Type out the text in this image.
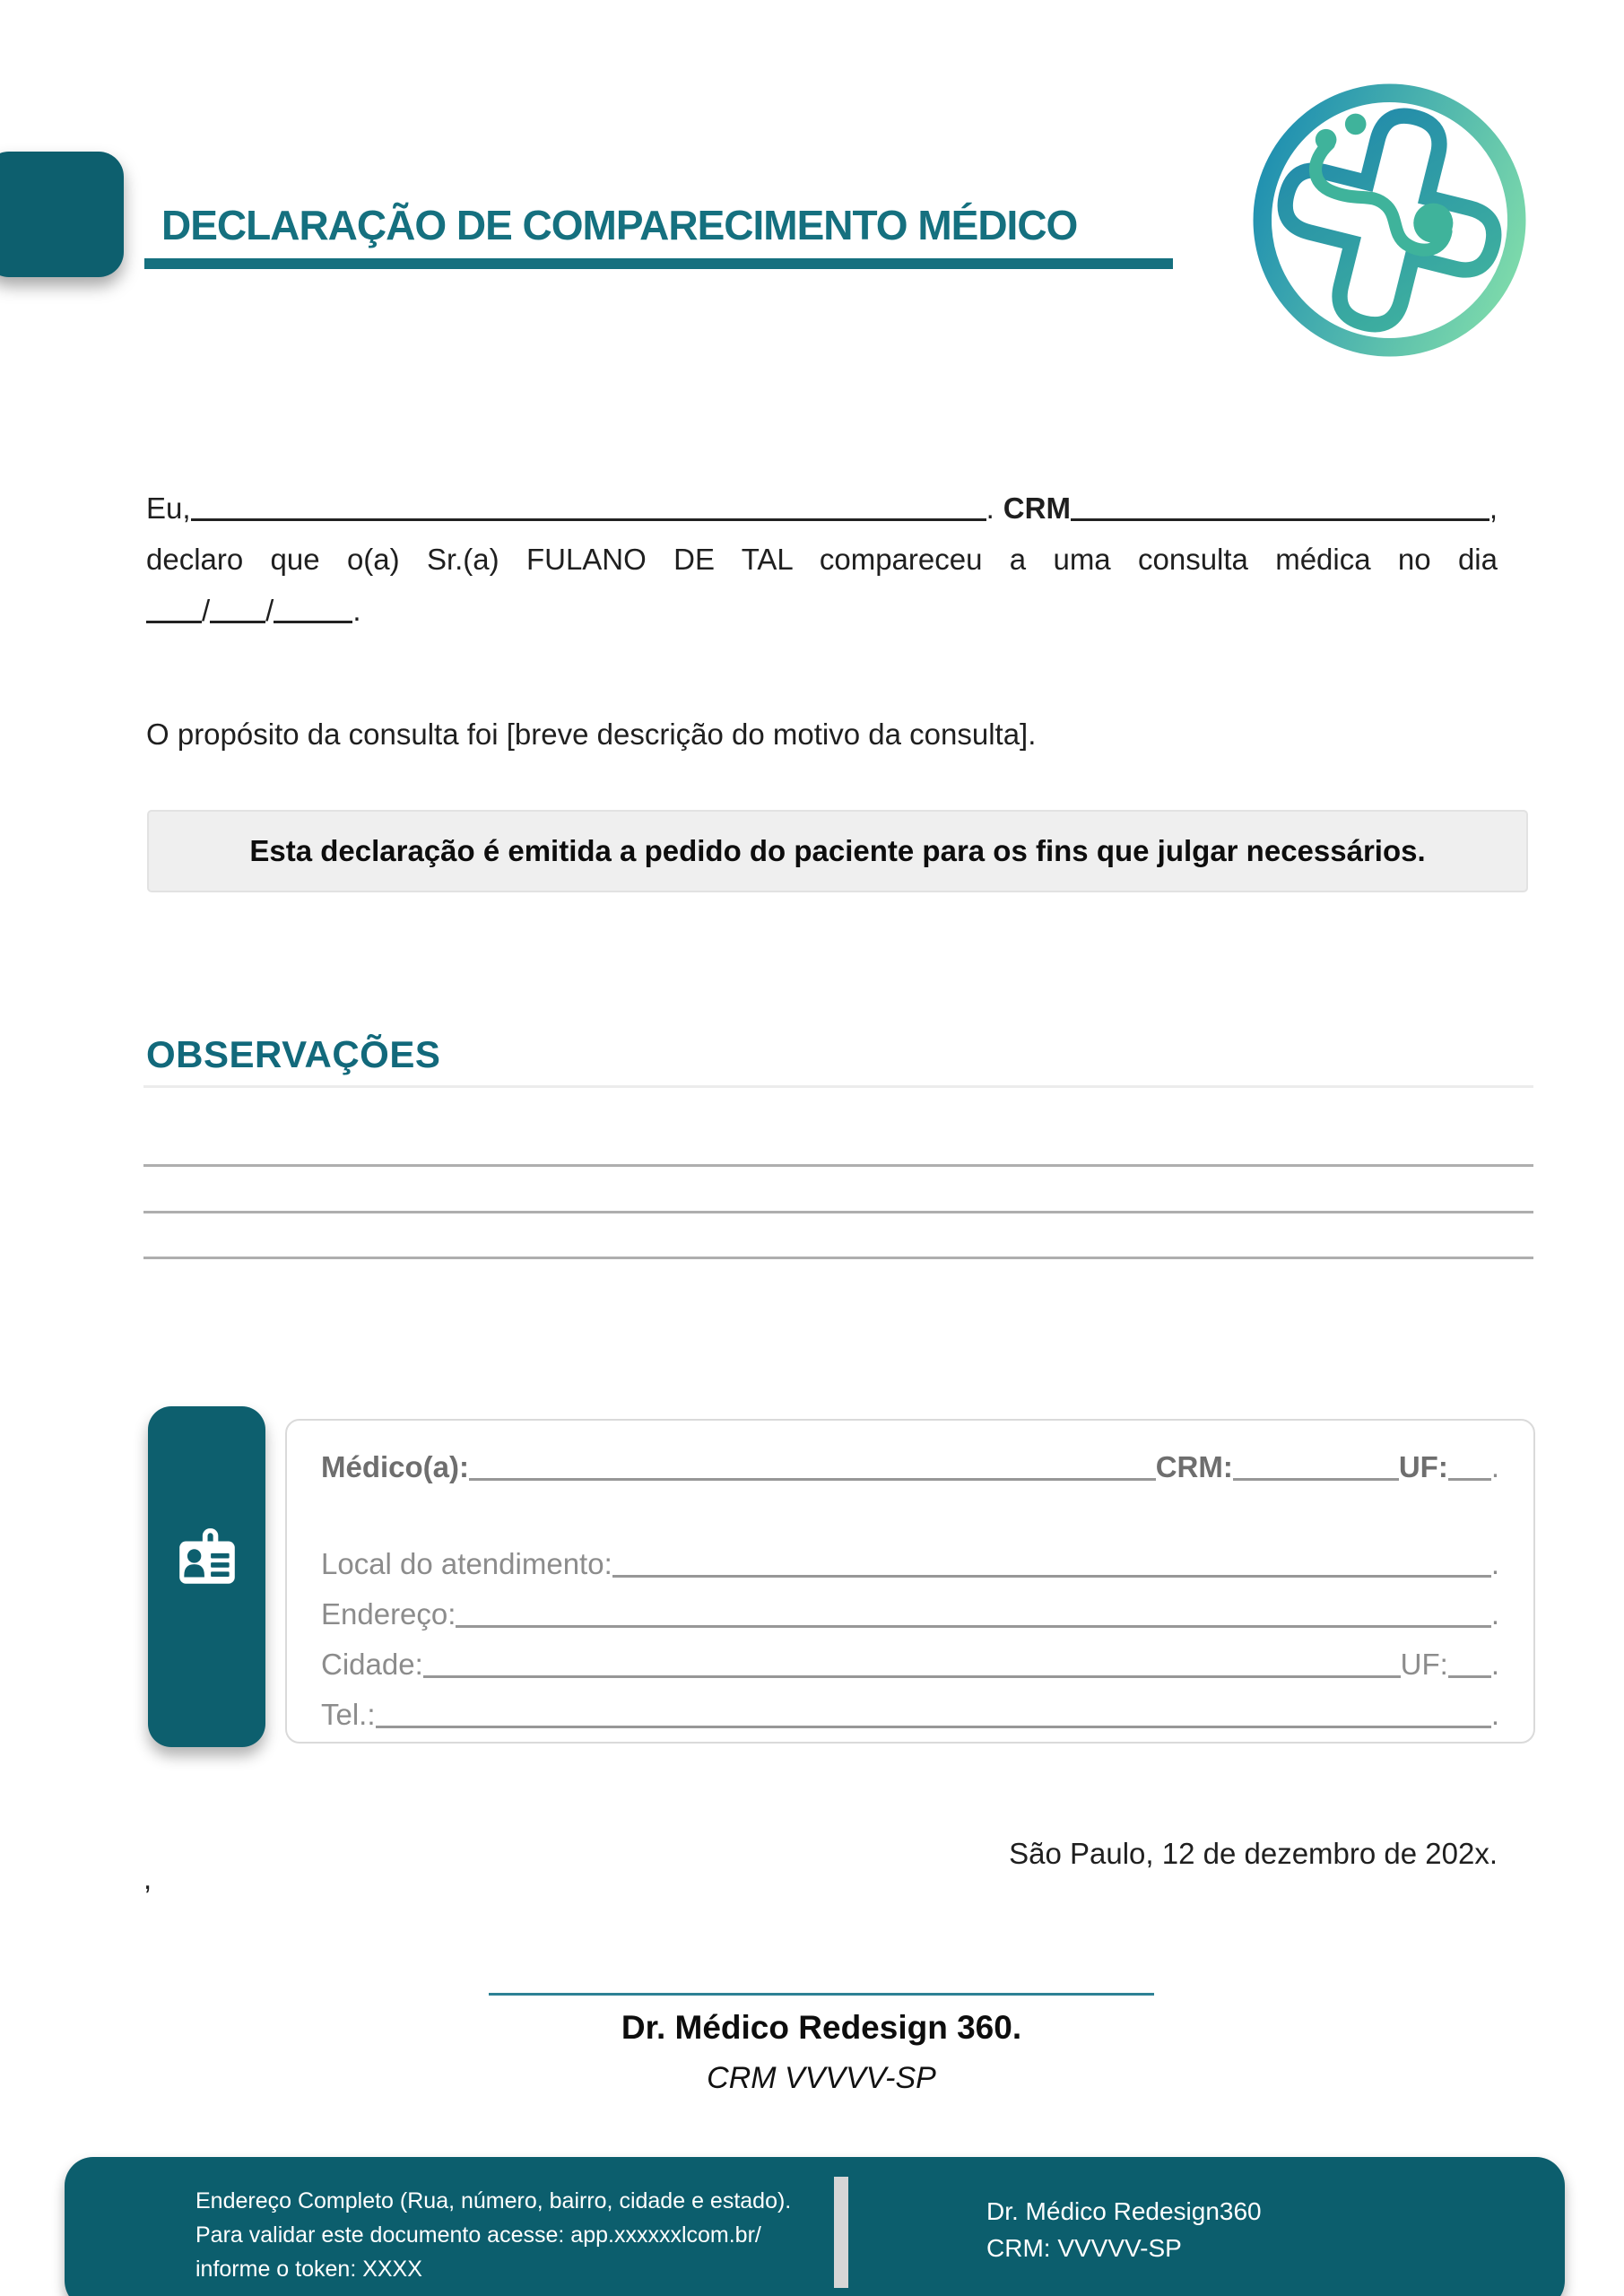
DECLARAÇÃO DE COMPARECIMENTO MÉDICO
Eu,	. CRM	,
declaro que o(a) Sr.(a) FULANO DE TAL compareceu a uma consulta médica no dia
/ /	.
O propósito da consulta foi [breve descrição do motivo da consulta].
Esta declaração é emitida a pedido do paciente para os fins que julgar necessários.
OBSERVAÇÕES
Médico(a):	CRM:	UF: .
Local do atendimento:	.
Endereço:	.
Cidade:	UF: .
Tel.:	.
São Paulo, 12 de dezembro de 202x.
,
Dr. Médico Redesign 360.
CRM VVVVV-SP
Endereço Completo (Rua, número, bairro, cidade e estado).
Para validar este documento acesse: app.xxxxxxlcom.br/
informe o token: XXXX
Dr. Médico Redesign360
CRM: VVVVV-SP
